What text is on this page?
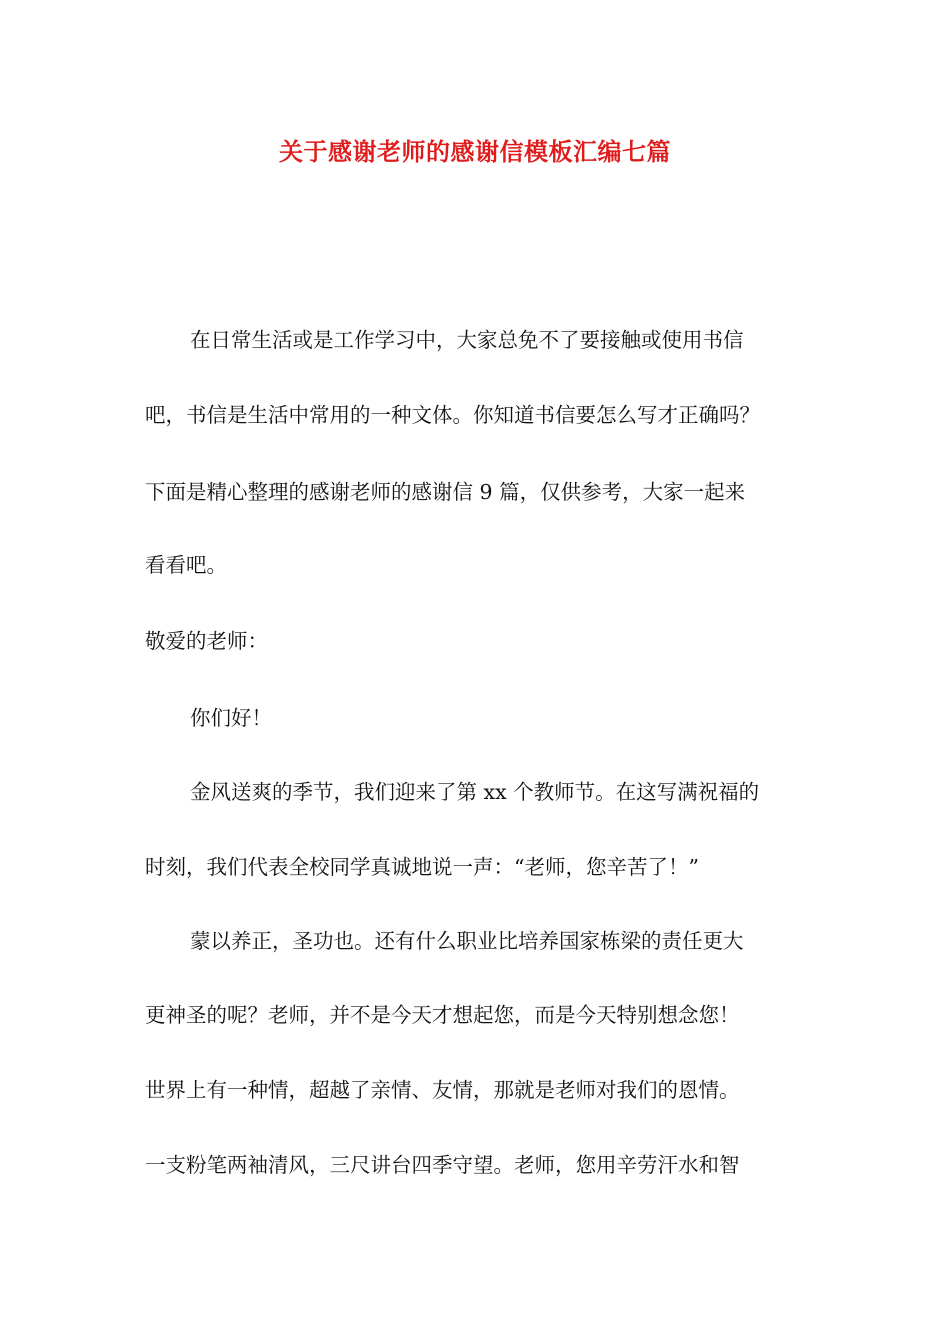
关于感谢老师的感谢信模板汇编七篇
在日常生活或是工作学习中，大家总免不了要接触或使用书信
吧，书信是生活中常用的一种文体。你知道书信要怎么写才正确吗？
下面是精心整理的感谢老师的感谢信 9 篇，仅供参考，大家一起来
看看吧。
敬爱的老师：
你们好！
金风送爽的季节，我们迎来了第 xx 个教师节。在这写满祝福的
时刻，我们代表全校同学真诚地说一声：“老师，您辛苦了！”
蒙以养正，圣功也。还有什么职业比培养国家栋梁的责任更大
更神圣的呢？老师，并不是今天才想起您，而是今天特别想念您！
世界上有一种情，超越了亲情、友情，那就是老师对我们的恩情。
一支粉笔两袖清风，三尺讲台四季守望。老师，您用辛劳汗水和智
